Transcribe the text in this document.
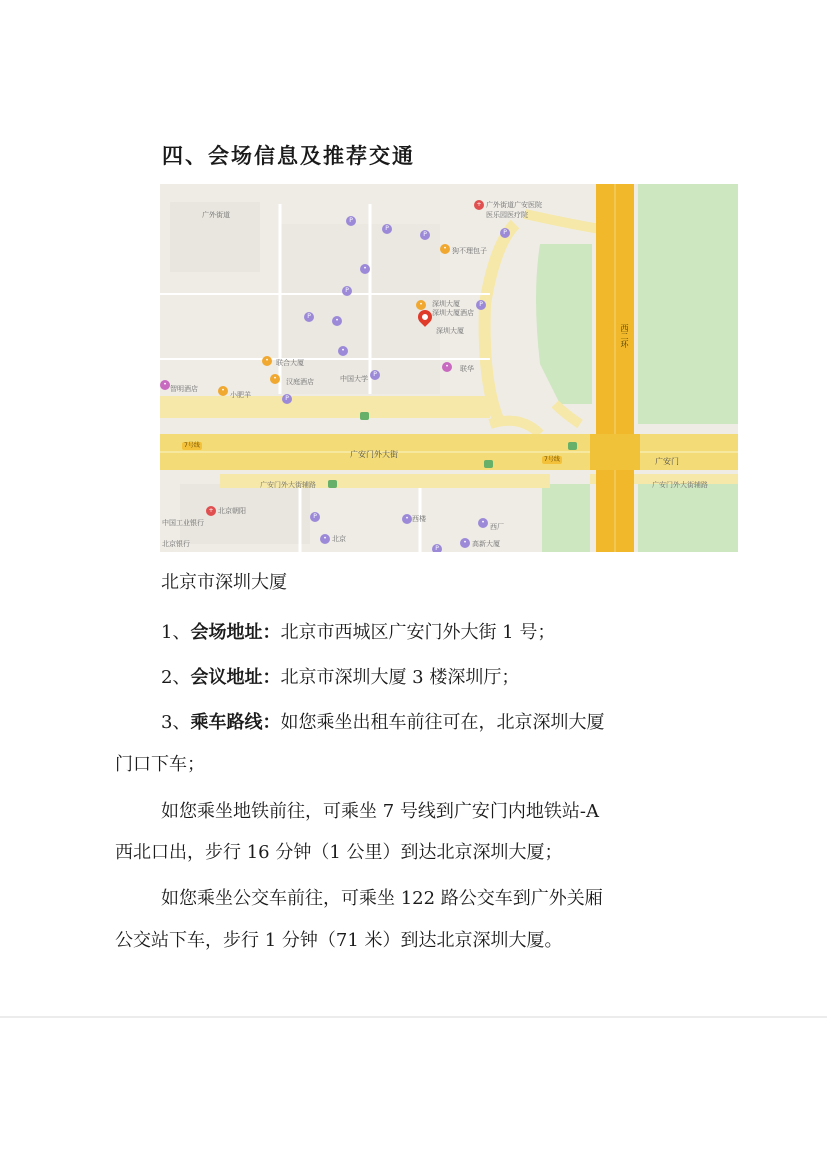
四、会场信息及推荐交通
广外街道广安医院
医乐园医疗院
西二环
广安门外大街
广安门外大街辅路	广安门外大街辅路
广安门
深圳大厦
深圳大厦酒店
深圳大厦
狗不理包子
广外街道
联合大厦
汉庭酒店	中国大学
联华
智明酒店
小肥羊
中国工业银行
北京朝阳
北京银行
西楼
西厂
高新大厦
北京
7号线
7号线
P
P
P	P
•
P
P
•
P
•
P
P
P	•
•
P
•
•
•
•
•
•
•
•
•
+
+
北京市深圳大厦
1、会场地址：北京市西城区广安门外大街 1 号；
2、会议地址：北京市深圳大厦 3 楼深圳厅；
3、乘车路线：如您乘坐出租车前往可在，北京深圳大厦
门口下车；
如您乘坐地铁前往，可乘坐 7 号线到广安门内地铁站-A
西北口出，步行 16 分钟（1 公里）到达北京深圳大厦；
如您乘坐公交车前往，可乘坐 122 路公交车到广外关厢
公交站下车，步行 1 分钟（71 米）到达北京深圳大厦。
